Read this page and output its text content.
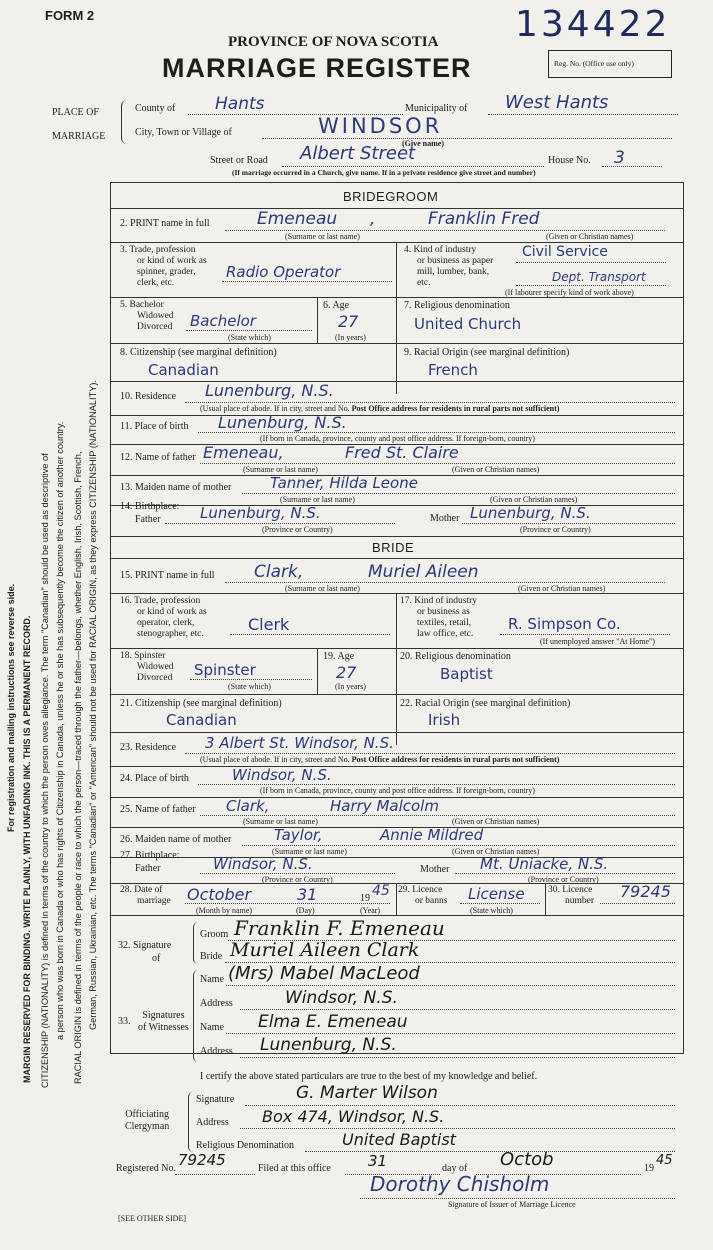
FORM 2	134422
PROVINCE OF NOVA SCOTIA
MARRIAGE REGISTER	Reg. No. (Office use only)
PLACE OF
MARRIAGE
County of Hants	Municipality of West Hants
City, Town or Village of	WINDSOR
(Give name)
Street or Road Albert Street	House No. 3
(If marriage occurred in a Church, give name. If in a private residence give street and number)
For registration and mailing instructions see reverse side. MARGIN RESERVED FOR BINDING. WRITE PLAINLY, WITH UNFADING INK. THIS IS A PERMANENT RECORD. CITIZENSHIP (NATIONALITY) is defined in terms of the country to which the person owes allegiance. The term "Canadian" should be used as descriptive of a person who was born in Canada or who has rights of Citizenship in Canada, unless he or she has subsequently become the citizen of another country. RACIAL ORIGIN is defined in terms of the people or race to which the person—traced through the father—belongs, whether English, Irish, Scottish, French, German, Russian, Ukrainian, etc. The terms "Canadian" or "American" should not be used for RACIAL ORIGIN, as they express CITIZENSHIP (NATIONALITY).
BRIDEGROOM
2. PRINT name in full	Emeneau ,	Franklin Fred
(Surname or last name)	(Given or Christian names)
3. Trade, profession
or kind of work as
spinner, grader,
clerk, etc.
Radio Operator
4. Kind of industry
or business as paper
mill, lumber, bank,
etc.
Civil Service
Dept. Transport
(If labourer specify kind of work above)
5. Bachelor
Widowed
Divorced Bachelor
(State which)
6. Age
27
(In years)
7. Religious denomination
United Church
8. Citizenship (see marginal definition)
Canadian
9. Racial Origin (see marginal definition)
French
10. Residence Lunenburg, N.S.
(Usual place of abode. If in city, street and No. Post Office address for residents in rural parts not sufficient)
11. Place of birth Lunenburg, N.S.
(If born in Canada, province, county and post office address. If foreign-born, country)
12. Name of father Emeneau,	Fred St. Claire
(Surname or last name)	(Given or Christian names)
13. Maiden name of mother	Tanner, Hilda Leone
(Surname or last name)	(Given or Christian names)
14. Birthplace:
Father	Lunenburg, N.S.
(Province or Country)
Mother Lunenburg, N.S.
(Province or Country)
BRIDE
15. PRINT name in full Clark,	Muriel Aileen
(Surname or last name)	(Given or Christian names)
16. Trade, profession
or kind of work as
operator, clerk,
stenographer, etc.	Clerk
17. Kind of industry
or business as
textiles, retail,
law office, etc.
R. Simpson Co.
(If unemployed answer "At Home")
18. Spinster
Widowed
Divorced Spinster
(State which)
19. Age
27
(In years)
20. Religious denomination
Baptist
21. Citizenship (see marginal definition)
Canadian
22. Racial Origin (see marginal definition)
Irish
23. Residence 3 Albert St. Windsor, N.S.
(Usual place of abode. If in city, street and No. Post Office address for residents in rural parts not sufficient)
24. Place of birth	Windsor, N.S.
(If born in Canada, province, county and post office address. If foreign-born, country)
25. Name of father Clark,	Harry Malcolm
(Surname or last name)	(Given or Christian names)
26. Maiden name of mother	Taylor,	Annie Mildred
(Surname or last name)	(Given or Christian names)
27. Birthplace:
Father	Windsor, N.S.
(Province or Country)
Mother Mt. Uniacke, N.S.
(Province or Country)
28. Date of
marriage October	31	19 45
(Month by name)	(Day)	(Year)
29. Licence
or banns License
(State which)
30. Licence
number 79245
32. Signature
of
Groom Franklin F. Emeneau
Bride Muriel Aileen Clark
33.
Signatures
of Witnesses
Name (Mrs) Mabel MacLeod
Address	Windsor, N.S.
Name Elma E. Emeneau
Address Lunenburg, N.S.
I certify the above stated particulars are true to the best of my knowledge and belief.
Officiating
Clergyman
Signature	G. Marter Wilson
Address Box 474, Windsor, N.S.
Religious Denomination	United Baptist
Registered No. 79245	Filed at this office 31	day of Octob	19
45
Dorothy Chisholm
Signature of Issuer of Marriage Licence
[SEE OTHER SIDE]
